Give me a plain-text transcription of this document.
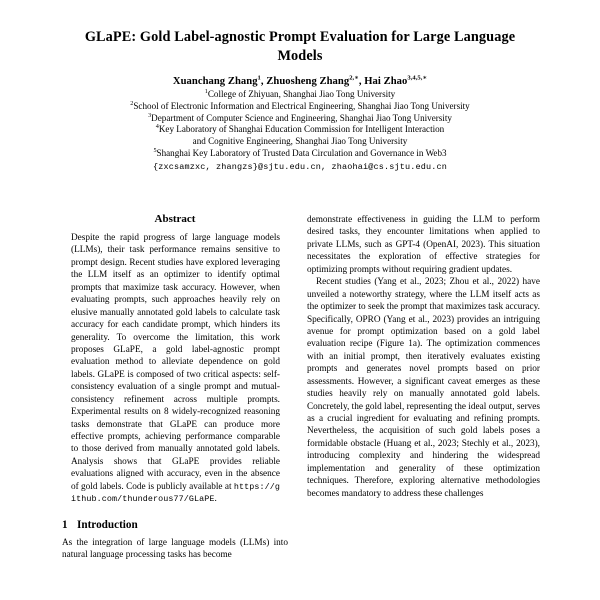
GLaPE: Gold Label-agnostic Prompt Evaluation for Large Language Models
Xuanchang Zhang$^1$, Zhuosheng Zhang$^{2,∗}$, Hai Zhao$^{3,4,5,∗}$
$^1$College of Zhiyuan, Shanghai Jiao Tong University
$^2$School of Electronic Information and Electrical Engineering, Shanghai Jiao Tong University
$^3$Department of Computer Science and Engineering, Shanghai Jiao Tong University
$^4$Key Laboratory of Shanghai Education Commission for Intelligent Interaction
and Cognitive Engineering, Shanghai Jiao Tong University
$^5$Shanghai Key Laboratory of Trusted Data Circulation and Governance in Web3
{zxcsamzxc, zhangzs}@sjtu.edu.cn, zhaohai@cs.sjtu.edu.cn
Abstract

Despite the rapid progress of large language models (LLMs), their task performance remains sensitive to prompt design. Recent studies have explored leveraging the LLM itself as an optimizer to identify optimal prompts that maximize task accuracy. However, when evaluating prompts, such approaches heavily rely on elusive manually annotated gold labels to calculate task accuracy for each candidate prompt, which hinders its generality. To overcome the limitation, this work proposes GLaPE, a gold label-agnostic prompt evaluation method to alleviate dependence on gold labels. GLaPE is composed of two critical aspects: self-consistency evaluation of a single prompt and mutual-consistency refinement across multiple prompts. Experimental results on 8 widely-recognized reasoning tasks demonstrate that GLaPE can produce more effective prompts, achieving performance comparable to those derived from manually annotated gold labels. Analysis shows that GLaPE provides reliable evaluations aligned with accuracy, even in the absence of gold labels. Code is publicly available at https://github.com/thunderous77/GLaPE.

1 Introduction

As the integration of large language models (LLMs) into natural language processing tasks has become

demonstrate effectiveness in guiding the LLM to perform desired tasks, they encounter limitations when applied to private LLMs, such as GPT-4 (OpenAI, 2023). This situation necessitates the exploration of effective strategies for optimizing prompts without requiring gradient updates.

Recent studies (Yang et al., 2023; Zhou et al., 2022) have unveiled a noteworthy strategy, where the LLM itself acts as the optimizer to seek the prompt that maximizes task accuracy. Specifically, OPRO (Yang et al., 2023) provides an intriguing avenue for prompt optimization based on a gold label evaluation recipe (Figure 1a). The optimization commences with an initial prompt, then iteratively evaluates existing prompts and generates novel prompts based on prior assessments. However, a significant caveat emerges as these studies heavily rely on manually annotated gold labels. Concretely, the gold label, representing the ideal output, serves as a crucial ingredient for evaluating and refining prompts. Nevertheless, the acquisition of such gold labels poses a formidable obstacle (Huang et al., 2023; Stechly et al., 2023), introducing complexity and hindering the widespread implementation and generality of these optimization techniques. Therefore, exploring alternative methodologies becomes mandatory to address these challenges
